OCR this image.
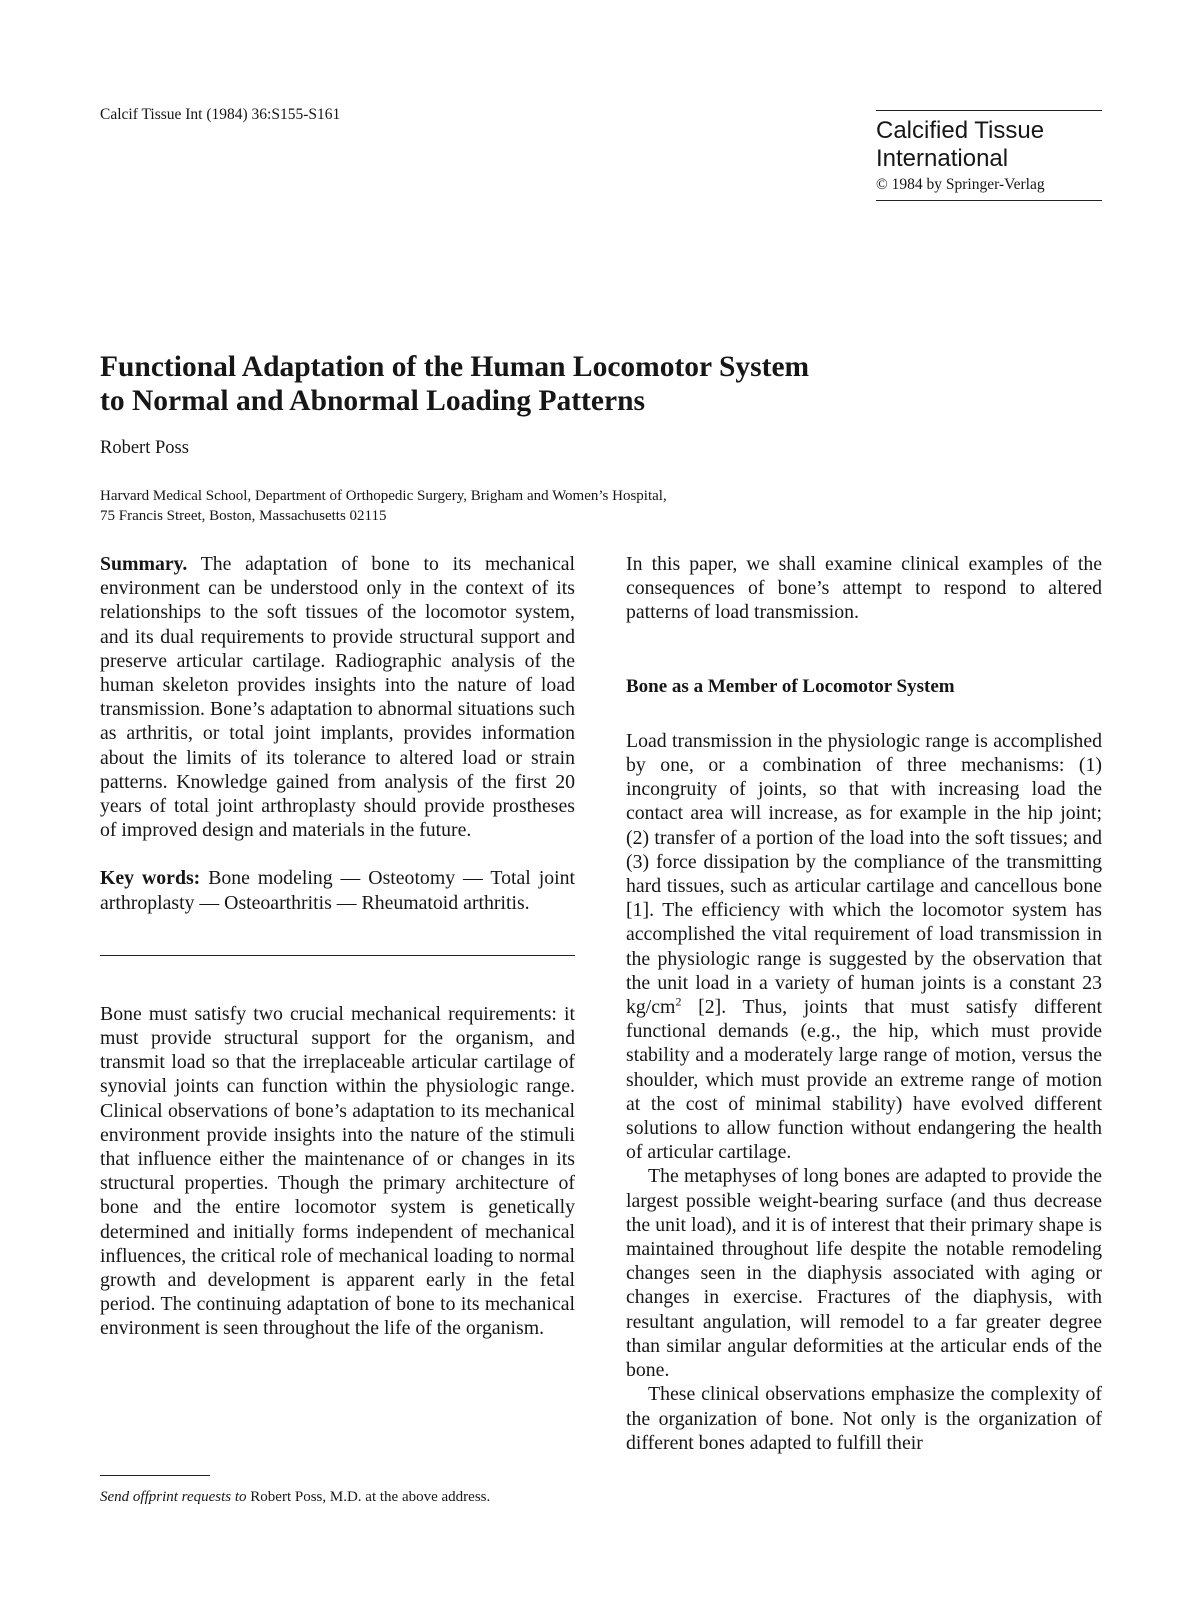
Calcif Tissue Int (1984) 36:S155-S161
Calcified Tissue
International
© 1984 by Springer-Verlag
Functional Adaptation of the Human Locomotor System
to Normal and Abnormal Loading Patterns
Robert Poss
Harvard Medical School, Department of Orthopedic Surgery, Brigham and Women’s Hospital,
75 Francis Street, Boston, Massachusetts 02115

Summary. The adaptation of bone to its mechanical environment can be understood only in the context of its relationships to the soft tissues of the locomotor system, and its dual requirements to provide structural support and preserve articular cartilage. Radiographic analysis of the human skeleton provides insights into the nature of load transmission. Bone’s adaptation to abnormal situations such as arthritis, or total joint implants, provides information about the limits of its tolerance to altered load or strain patterns. Knowledge gained from analysis of the first 20 years of total joint arthroplasty should provide prostheses of improved design and materials in the future.

Key words: Bone modeling — Osteotomy — Total joint arthroplasty — Osteoarthritis — Rheumatoid arthritis.

Bone must satisfy two crucial mechanical requirements: it must provide structural support for the organism, and transmit load so that the irreplaceable articular cartilage of synovial joints can function within the physiologic range. Clinical observations of bone’s adaptation to its mechanical environment provide insights into the nature of the stimuli that influence either the maintenance of or changes in its structural properties. Though the primary architecture of bone and the entire locomotor system is genetically determined and initially forms independent of mechanical influences, the critical role of mechanical loading to normal growth and development is apparent early in the fetal period. The continuing adaptation of bone to its mechanical environment is seen throughout the life of the organism.

Send offprint requests to Robert Poss, M.D. at the above address.

In this paper, we shall examine clinical examples of the consequences of bone’s attempt to respond to altered patterns of load transmission.

Bone as a Member of Locomotor System

Load transmission in the physiologic range is accomplished by one, or a combination of three mechanisms: (1) incongruity of joints, so that with increasing load the contact area will increase, as for example in the hip joint; (2) transfer of a portion of the load into the soft tissues; and (3) force dissipation by the compliance of the transmitting hard tissues, such as articular cartilage and cancellous bone [1]. The efficiency with which the locomotor system has accomplished the vital requirement of load transmission in the physiologic range is suggested by the observation that the unit load in a variety of human joints is a constant 23 $kg/cm^2$ [2]. Thus, joints that must satisfy different functional demands (e.g., the hip, which must provide stability and a moderately large range of motion, versus the shoulder, which must provide an extreme range of motion at the cost of minimal stability) have evolved different solutions to allow function without endangering the health of articular cartilage.

The metaphyses of long bones are adapted to provide the largest possible weight-bearing surface (and thus decrease the unit load), and it is of interest that their primary shape is maintained throughout life despite the notable remodeling changes seen in the diaphysis associated with aging or changes in exercise. Fractures of the diaphysis, with resultant angulation, will remodel to a far greater degree than similar angular deformities at the articular ends of the bone.

These clinical observations emphasize the complexity of the organization of bone. Not only is the organization of different bones adapted to fulfill their
